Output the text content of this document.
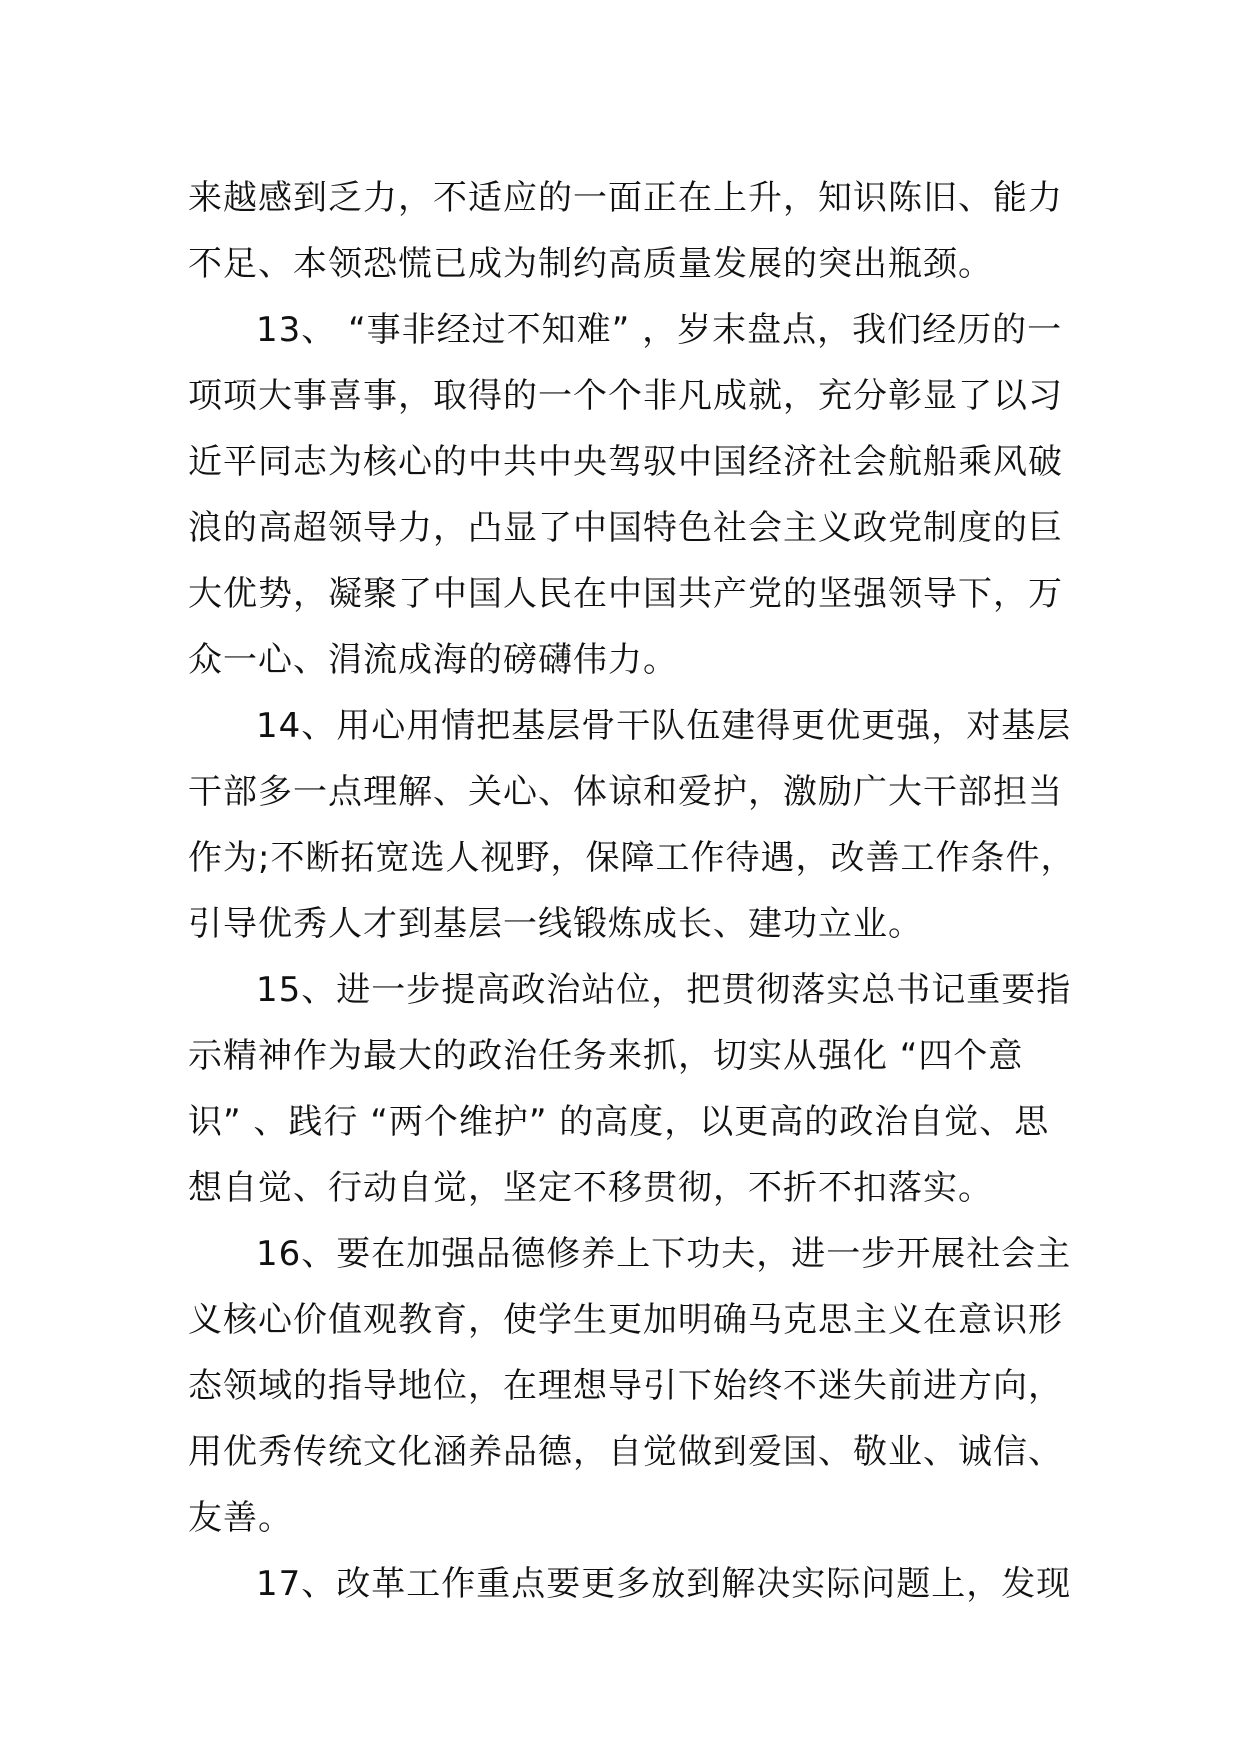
来越感到乏力，不适应的一面正在上升，知识陈旧、能力
不足、本领恐慌已成为制约高质量发展的突出瓶颈。
13、 “事非经过不知难” ，岁末盘点，我们经历的一
项项大事喜事，取得的一个个非凡成就，充分彰显了以习
近平同志为核心的中共中央驾驭中国经济社会航船乘风破
浪的高超领导力，凸显了中国特色社会主义政党制度的巨
大优势，凝聚了中国人民在中国共产党的坚强领导下，万
众一心、涓流成海的磅礴伟力。
14、用心用情把基层骨干队伍建得更优更强，对基层
干部多一点理解、关心、体谅和爱护，激励广大干部担当
作为;不断拓宽选人视野，保障工作待遇，改善工作条件，
引导优秀人才到基层一线锻炼成长、建功立业。
15、进一步提高政治站位，把贯彻落实总书记重要指
示精神作为最大的政治任务来抓，切实从强化 “四个意
识” 、践行 “两个维护” 的高度，以更高的政治自觉、思
想自觉、行动自觉，坚定不移贯彻，不折不扣落实。
16、要在加强品德修养上下功夫，进一步开展社会主
义核心价值观教育，使学生更加明确马克思主义在意识形
态领域的指导地位，在理想导引下始终不迷失前进方向，
用优秀传统文化涵养品德，自觉做到爱国、敬业、诚信、
友善。
17、改革工作重点要更多放到解决实际问题上，发现
